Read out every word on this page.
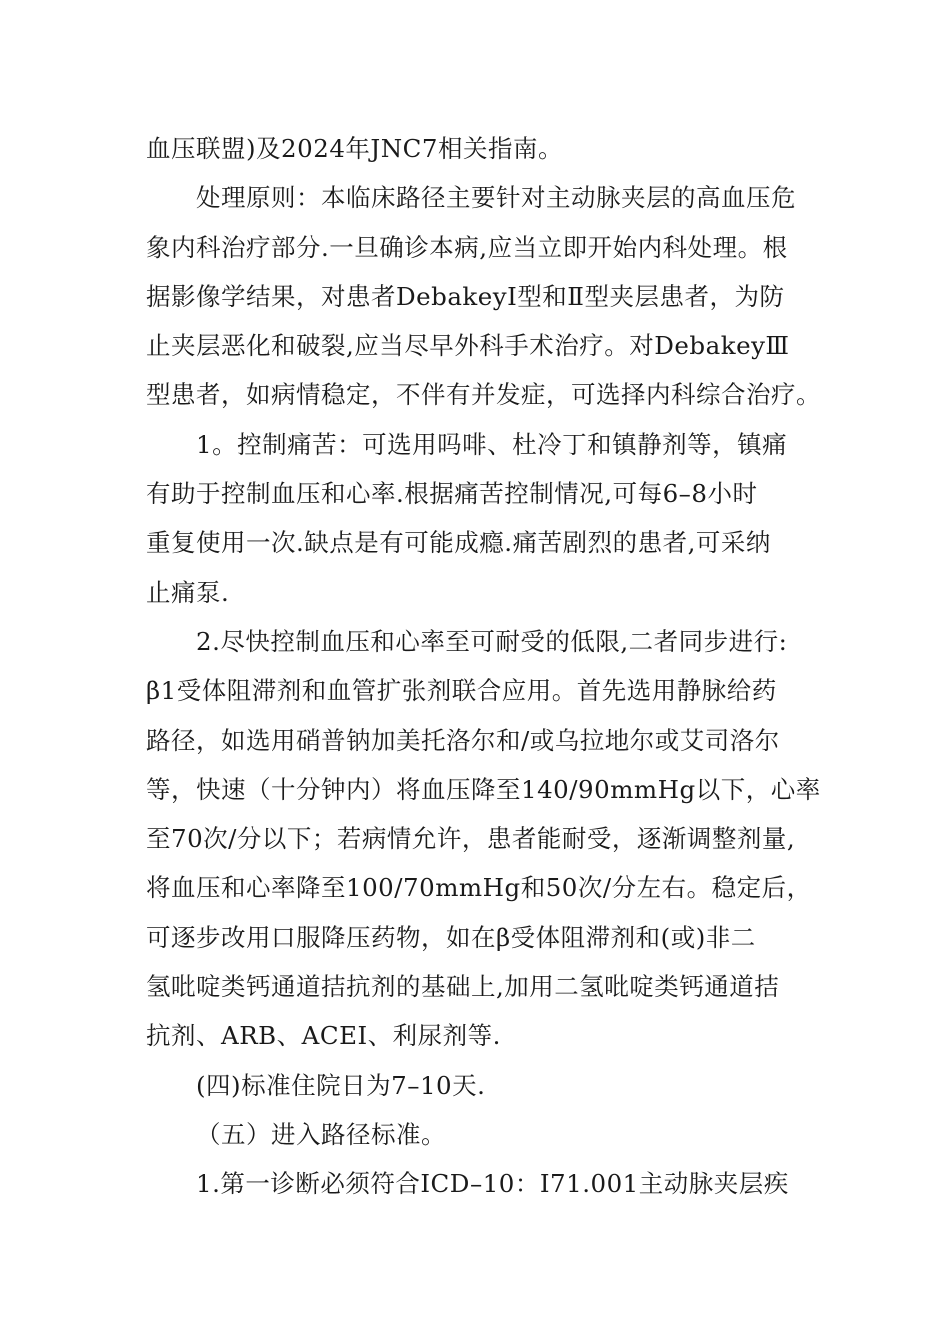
血压联盟)及2024年JNC7相关指南。
处理原则：本临床路径主要针对主动脉夹层的高血压危
象内科治疗部分.一旦确诊本病,应当立即开始内科处理。根
据影像学结果，对患者DebakeyⅠ型和Ⅱ型夹层患者，为防
止夹层恶化和破裂,应当尽早外科手术治疗。对DebakeyⅢ
型患者，如病情稳定，不伴有并发症，可选择内科综合治疗。
1。控制痛苦：可选用吗啡、杜冷丁和镇静剂等，镇痛
有助于控制血压和心率.根据痛苦控制情况,可每6–8小时
重复使用一次.缺点是有可能成瘾.痛苦剧烈的患者,可采纳
止痛泵.
2.尽快控制血压和心率至可耐受的低限,二者同步进行:
β1受体阻滞剂和血管扩张剂联合应用。首先选用静脉给药
路径，如选用硝普钠加美托洛尔和/或乌拉地尔或艾司洛尔
等，快速（十分钟内）将血压降至140/90mmHg以下，心率
至70次/分以下；若病情允许，患者能耐受，逐渐调整剂量,
将血压和心率降至100/70mmHg和50次/分左右。稳定后，
可逐步改用口服降压药物，如在β受体阻滞剂和(或)非二
氢吡啶类钙通道拮抗剂的基础上,加用二氢吡啶类钙通道拮
抗剂、ARB、ACEI、利尿剂等.
(四)标准住院日为7–10天.
（五）进入路径标准。
1.第一诊断必须符合ICD–10：I71.001主动脉夹层疾
